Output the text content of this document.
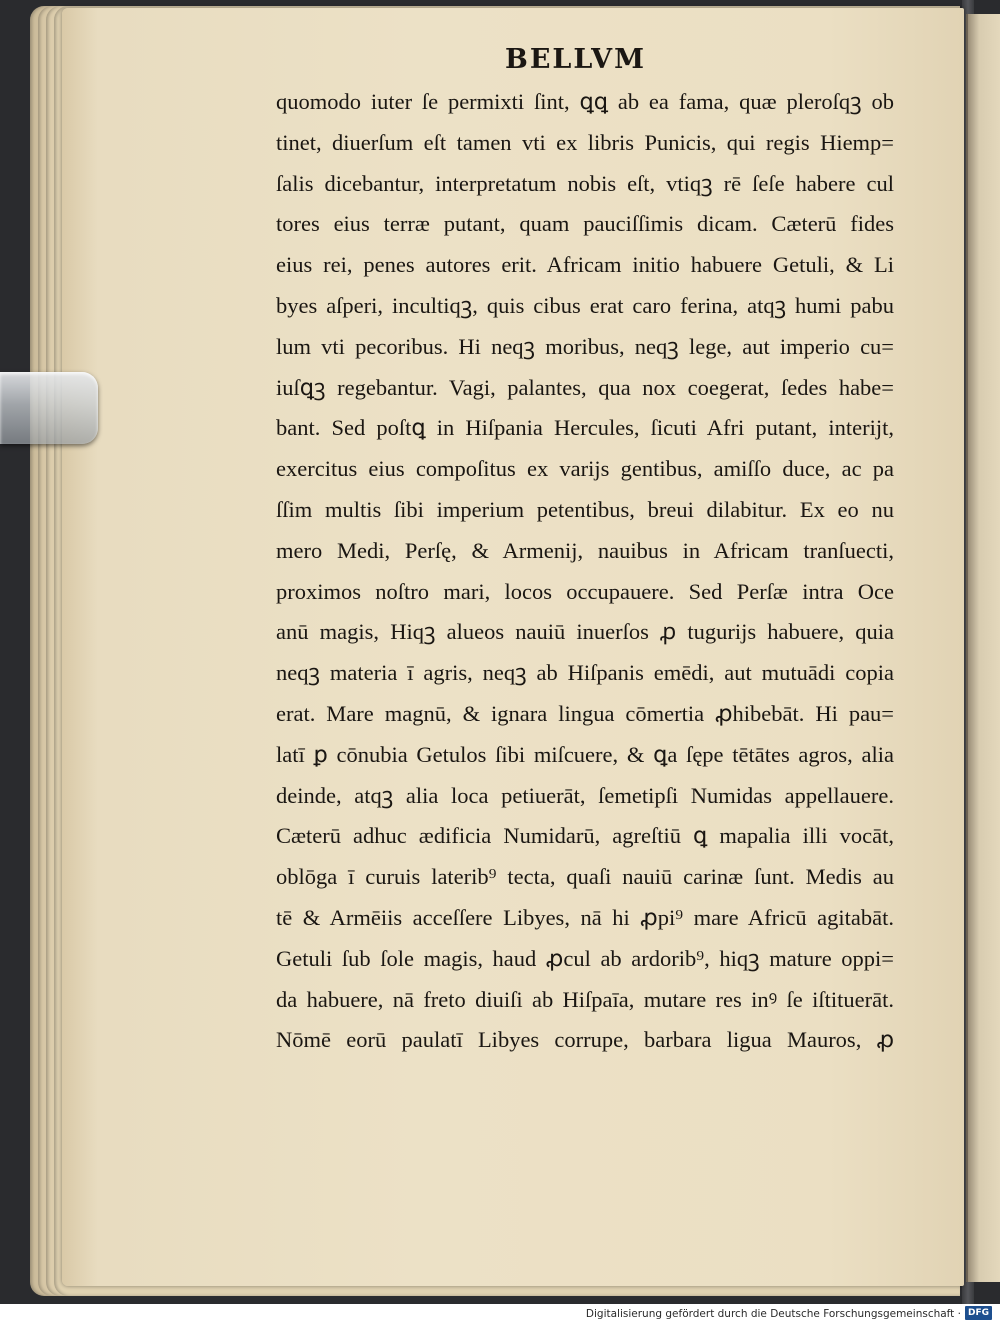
BELLVM
quomodo iuter ſe permixti ſint, ꝗꝗ ab ea fama, quæ pleroſqꝫ ob
tinet, diuerſum eſt tamen vti ex libris Punicis, qui regis Hiemp=
ſalis dicebantur, interpretatum nobis eſt, vtiqꝫ rē ſeſe habere cul
tores eius terræ putant, quam pauciſſimis dicam. Cæterū fides
eius rei, penes autores erit. Africam initio habuere Getuli, & Li
byes aſperi, incultiqꝫ, quis cibus erat caro ferina, atqꝫ humi pabu
lum vti pecoribus. Hi neqꝫ moribus, neqꝫ lege, aut imperio cu=
iuſꝗꝫ regebantur. Vagi, palantes, qua nox coegerat, ſedes habe=
bant. Sed poſtꝗ in Hiſpania Hercules, ſicuti Afri putant, interijt,
exercitus eius compoſitus ex varijs gentibus, amiſſo duce, ac pa
ſſim multis ſibi imperium petentibus, breui dilabitur. Ex eo nu
mero Medi, Perſę, & Armenij, nauibus in Africam tranſuecti,
proximos noſtro mari, locos occupauere. Sed Perſæ intra Oce
anū magis, Hiqꝫ alueos nauiū inuerſos ꝓ tugurijs habuere, quia
neqꝫ materia ī agris, neqꝫ ab Hiſpanis emēdi, aut mutuādi copia
erat. Mare magnū, & ignara lingua cōmertia ꝓhibebāt. Hi pau=
latī ꝑ cōnubia Getulos ſibi miſcuere, & ꝗa ſępe tētātes agros, alia
deinde, atqꝫ alia loca petiuerāt, ſemetipſi Numidas appellauere.
Cæterū adhuc ædificia Numidarū, agreſtiū ꝗ mapalia illi vocāt,
oblōga ī curuis laterib⁹ tecta, quaſi nauiū carinæ ſunt. Medis au
tē & Armēiis acceſſere Libyes, nā hi ꝓpi⁹ mare Africū agitabāt.
Getuli ſub ſole magis, haud ꝓcul ab ardorib⁹, hiqꝫ mature oppi=
da habuere, nā freto diuiſi ab Hiſpaīa, mutare res inꝰ ſe iſtituerāt.
Nōmē eorū paulatī Libyes corrupe, barbara ligua Mauros, ꝓ
Digitalisierung gefördert durch die Deutsche Forschungsgemeinschaft · DFG
